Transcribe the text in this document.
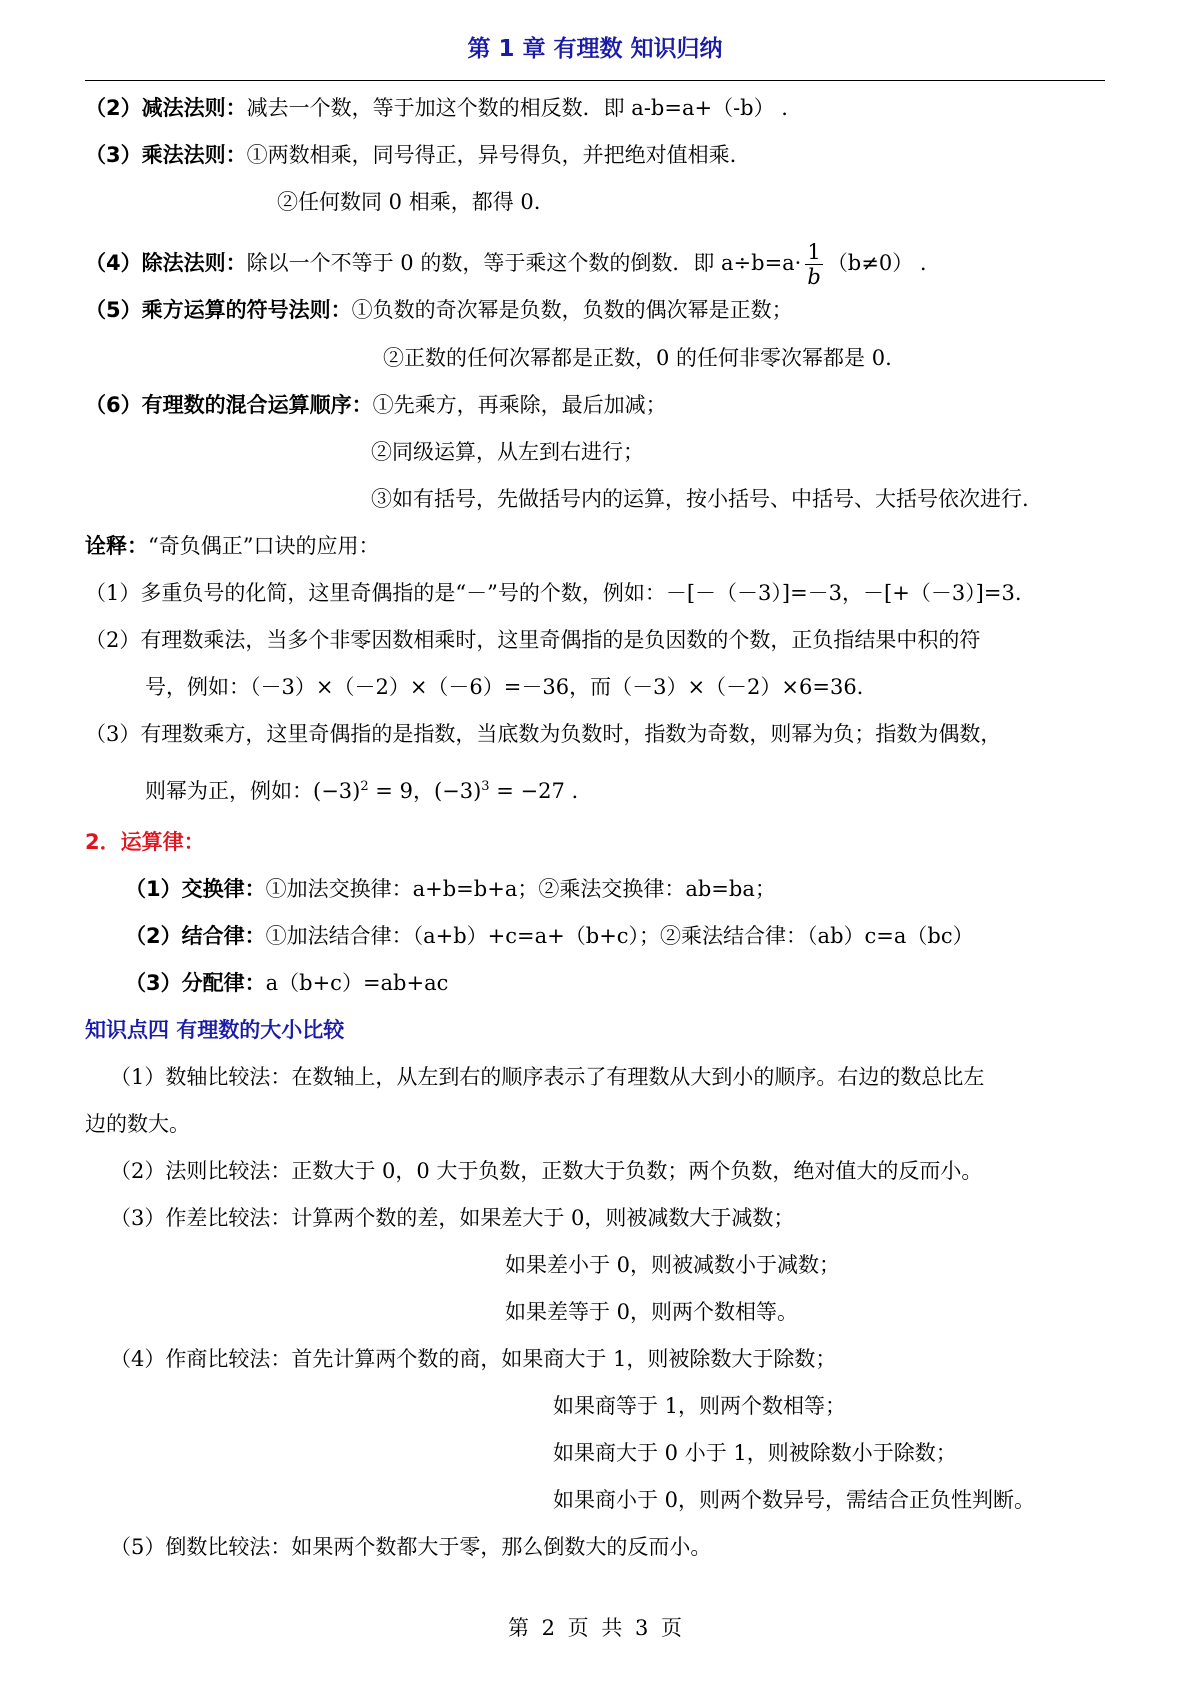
第 1 章 有理数 知识归纳

（2）减法法则：减去一个数，等于加这个数的相反数．即 a-b=a+（-b） .

（3）乘法法则：①两数相乘，同号得正，异号得负，并把绝对值相乘.

②任何数同 0 相乘，都得 0.

（4）除法法则：除以一个不等于 0 的数，等于乘这个数的倒数．即 $a\div b=a\cdot \frac{1}{b} (b\ne 0)$ .

（5）乘方运算的符号法则：①负数的奇次幂是负数，负数的偶次幂是正数；

②正数的任何次幂都是正数，0 的任何非零次幂都是 0.

（6）有理数的混合运算顺序：①先乘方，再乘除，最后加减；

②同级运算，从左到右进行；

③如有括号，先做括号内的运算，按小括号、中括号、大括号依次进行.

诠释：“奇负偶正”口诀的应用：

（1）多重负号的化简，这里奇偶指的是“－”号的个数，例如：－[－（－3）]=－3，－[+（－3）]=3.

（2）有理数乘法，当多个非零因数相乘时，这里奇偶指的是负因数的个数，正负指结果中积的符

号，例如：（－3）×（－2）×（－6）=－36，而（－3）×（－2）×6=36.

（3）有理数乘方，这里奇偶指的是指数，当底数为负数时，指数为奇数，则幂为负；指数为偶数，

则幂为正，例如：$(-3)^2 = 9$，$(-3)^3 = -27$ .

2．运算律：

（1）交换律：①加法交换律：a+b=b+a；②乘法交换律：ab=ba；

（2）结合律：①加法结合律：（a+b）+c=a+（b+c）；②乘法结合律：（ab）c=a（bc）

（3）分配律：a（b+c）=ab+ac

知识点四 有理数的大小比较

（1）数轴比较法：在数轴上，从左到右的顺序表示了有理数从大到小的顺序。右边的数总比左

边的数大。

（2）法则比较法：正数大于 0，0 大于负数，正数大于负数；两个负数，绝对值大的反而小。

（3）作差比较法：计算两个数的差，如果差大于 0，则被减数大于减数；

如果差小于 0，则被减数小于减数；

如果差等于 0，则两个数相等。

（4）作商比较法：首先计算两个数的商，如果商大于 1，则被除数大于除数；

如果商等于 1，则两个数相等；

如果商大于 0 小于 1，则被除数小于除数；

如果商小于 0，则两个数异号，需结合正负性判断。

（5）倒数比较法：如果两个数都大于零，那么倒数大的反而小。

第 2 页 共 3 页
